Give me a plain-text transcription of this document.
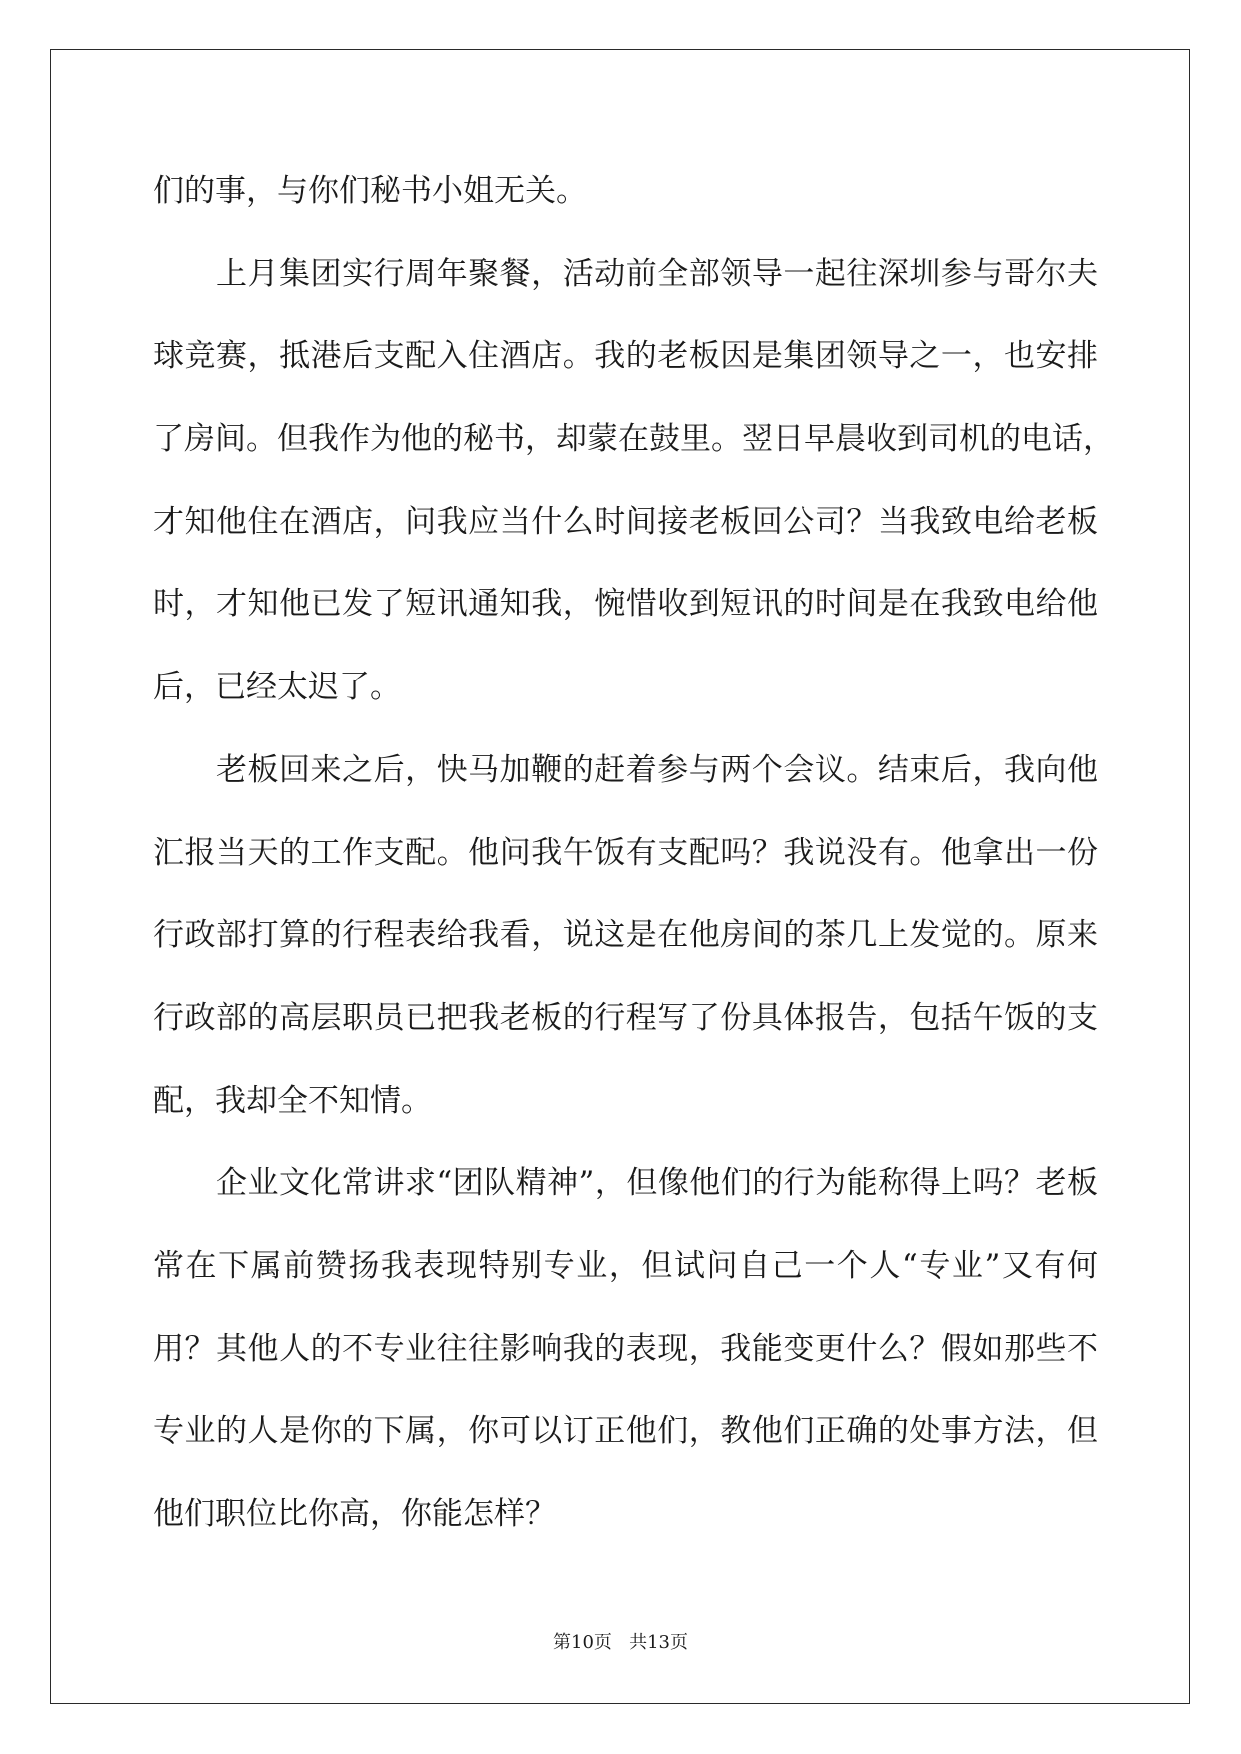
们的事，与你们秘书小姐无关。
上月集团实行周年聚餐，活动前全部领导一起往深圳参与哥尔夫
球竞赛，抵港后支配入住酒店。我的老板因是集团领导之一，也安排
了房间。但我作为他的秘书，却蒙在鼓里。翌日早晨收到司机的电话，
才知他住在酒店，问我应当什么时间接老板回公司？当我致电给老板
时，才知他已发了短讯通知我，惋惜收到短讯的时间是在我致电给他
后，已经太迟了。
老板回来之后，快马加鞭的赶着参与两个会议。结束后，我向他
汇报当天的工作支配。他问我午饭有支配吗？我说没有。他拿出一份
行政部打算的行程表给我看，说这是在他房间的茶几上发觉的。原来
行政部的高层职员已把我老板的行程写了份具体报告，包括午饭的支
配，我却全不知情。
企业文化常讲求“团队精神”，但像他们的行为能称得上吗？老板
常在下属前赞扬我表现特别专业，但试问自己一个人“专业”又有何
用？其他人的不专业往往影响我的表现，我能变更什么？假如那些不
专业的人是你的下属，你可以订正他们，教他们正确的处事方法，但
他们职位比你高，你能怎样？
第10页 共13页
